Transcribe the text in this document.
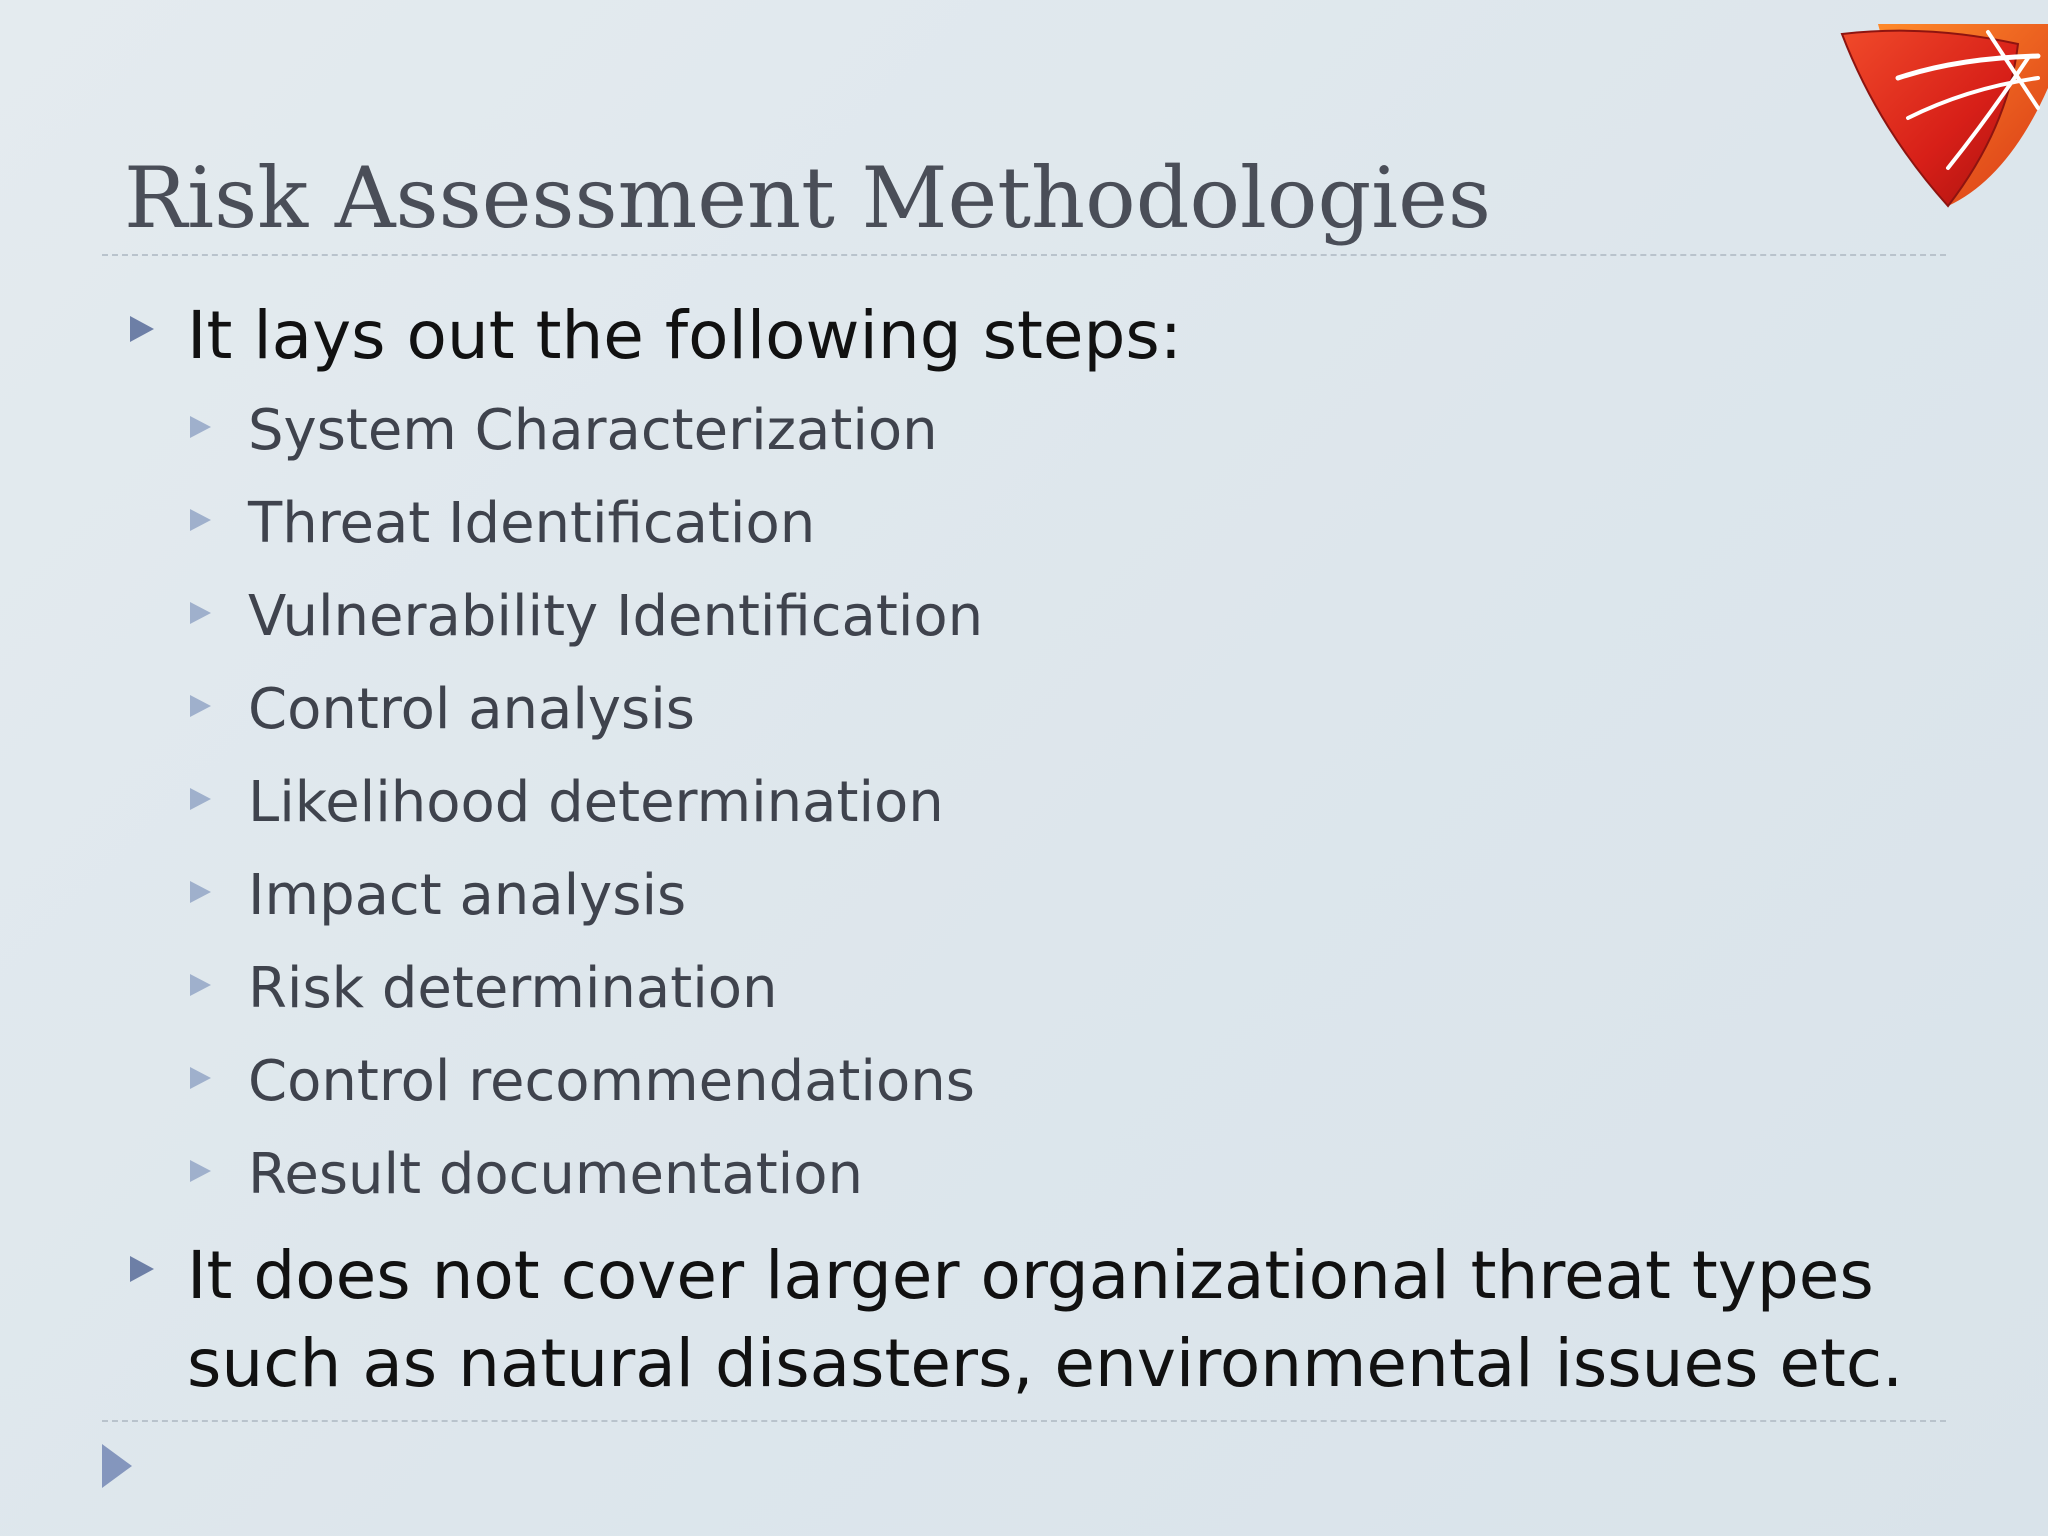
Risk Assessment Methodologies
It lays out the following steps:
System Characterization
Threat Identification
Vulnerability Identification
Control analysis
Likelihood determination
Impact analysis
Risk determination
Control recommendations
Result documentation
It does not cover larger organizational threat types such as natural disasters, environmental issues etc.
